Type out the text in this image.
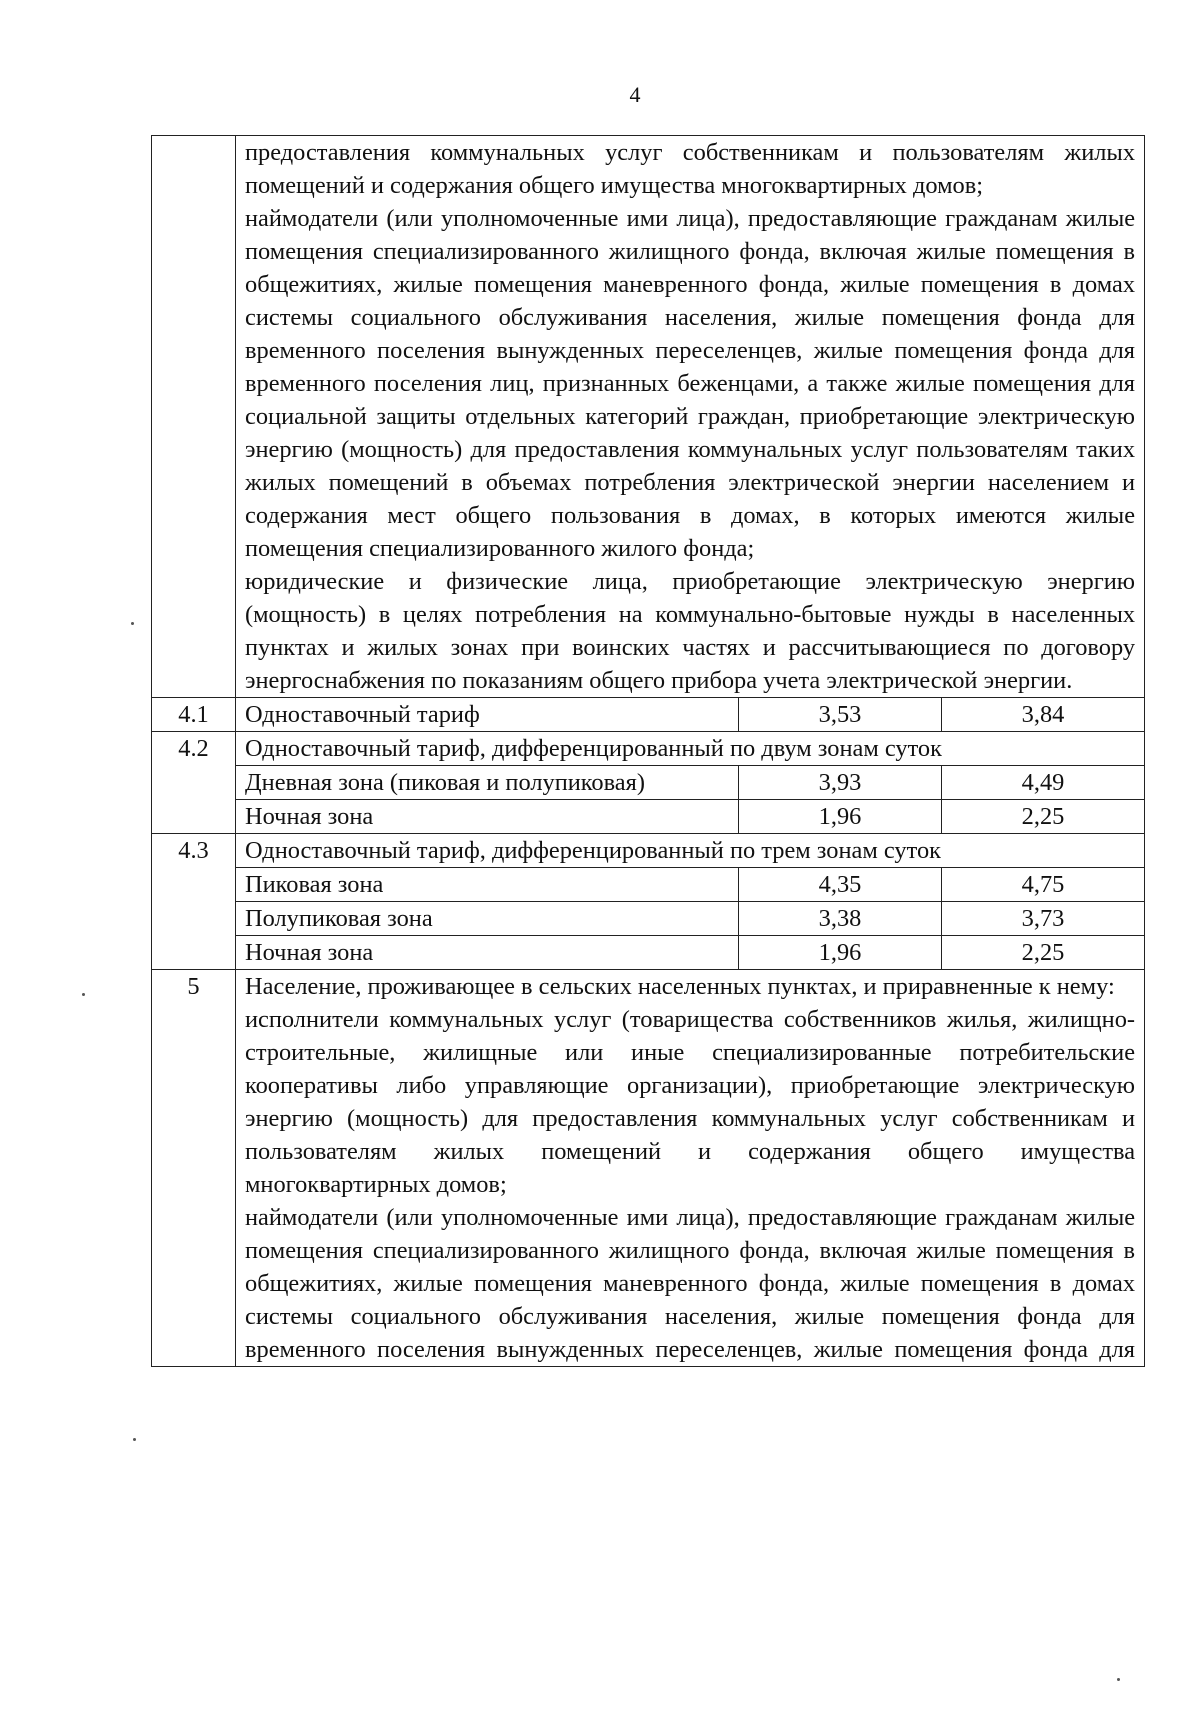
4

	предоставления коммунальных услуг собственникам и пользователям жилых помещений и содержания общего имущества многоквартирных домов;
наймодатели (или уполномоченные ими лица), предоставляющие гражданам жилые помещения специализированного жилищного фонда, включая жилые помещения в общежитиях, жилые помещения маневренного фонда, жилые помещения в домах системы социального обслуживания населения, жилые помещения фонда для временного поселения вынужденных переселенцев, жилые помещения фонда для временного поселения лиц, признанных беженцами, а также жилые помещения для социальной защиты отдельных категорий граждан, приобретающие электрическую энергию (мощность) для предоставления коммунальных услуг пользователям таких жилых помещений в объемах потребления электрической энергии населением и содержания мест общего пользования в домах, в которых имеются жилые помещения специализированного жилого фонда;
юридические и физические лица, приобретающие электрическую энергию (мощность) в целях потребления на коммунально-бытовые нужды в населенных пунктах и жилых зонах при воинских частях и рассчитывающиеся по договору энергоснабжения по показаниям общего прибора учета электрической энергии.		

4.1	Одноставочный тариф	3,53	3,84
4.2	Одноставочный тариф, дифференцированный по двум зонам суток		
	Дневная зона (пиковая и полупиковая)	3,93	4,49
	Ночная зона	1,96	2,25
4.3	Одноставочный тариф, дифференцированный по трем зонам суток		
	Пиковая зона	4,35	4,75
	Полупиковая зона	3,38	3,73
	Ночная зона	1,96	2,25
5	Население, проживающее в сельских населенных пунктах, и приравненные к нему:
исполнители коммунальных услуг (товарищества собственников жилья, жилищно-строительные, жилищные или иные специализированные потребительские кооперативы либо управляющие организации), приобретающие электрическую энергию (мощность) для предоставления коммунальных услуг собственникам и пользователям жилых помещений и содержания общего имущества многоквартирных домов;
наймодатели (или уполномоченные ими лица), предоставляющие гражданам жилые помещения специализированного жилищного фонда, включая жилые помещения в общежитиях, жилые помещения маневренного фонда, жилые помещения в домах системы социального обслуживания населения, жилые помещения фонда для временного поселения вынужденных переселенцев, жилые помещения фонда для		
